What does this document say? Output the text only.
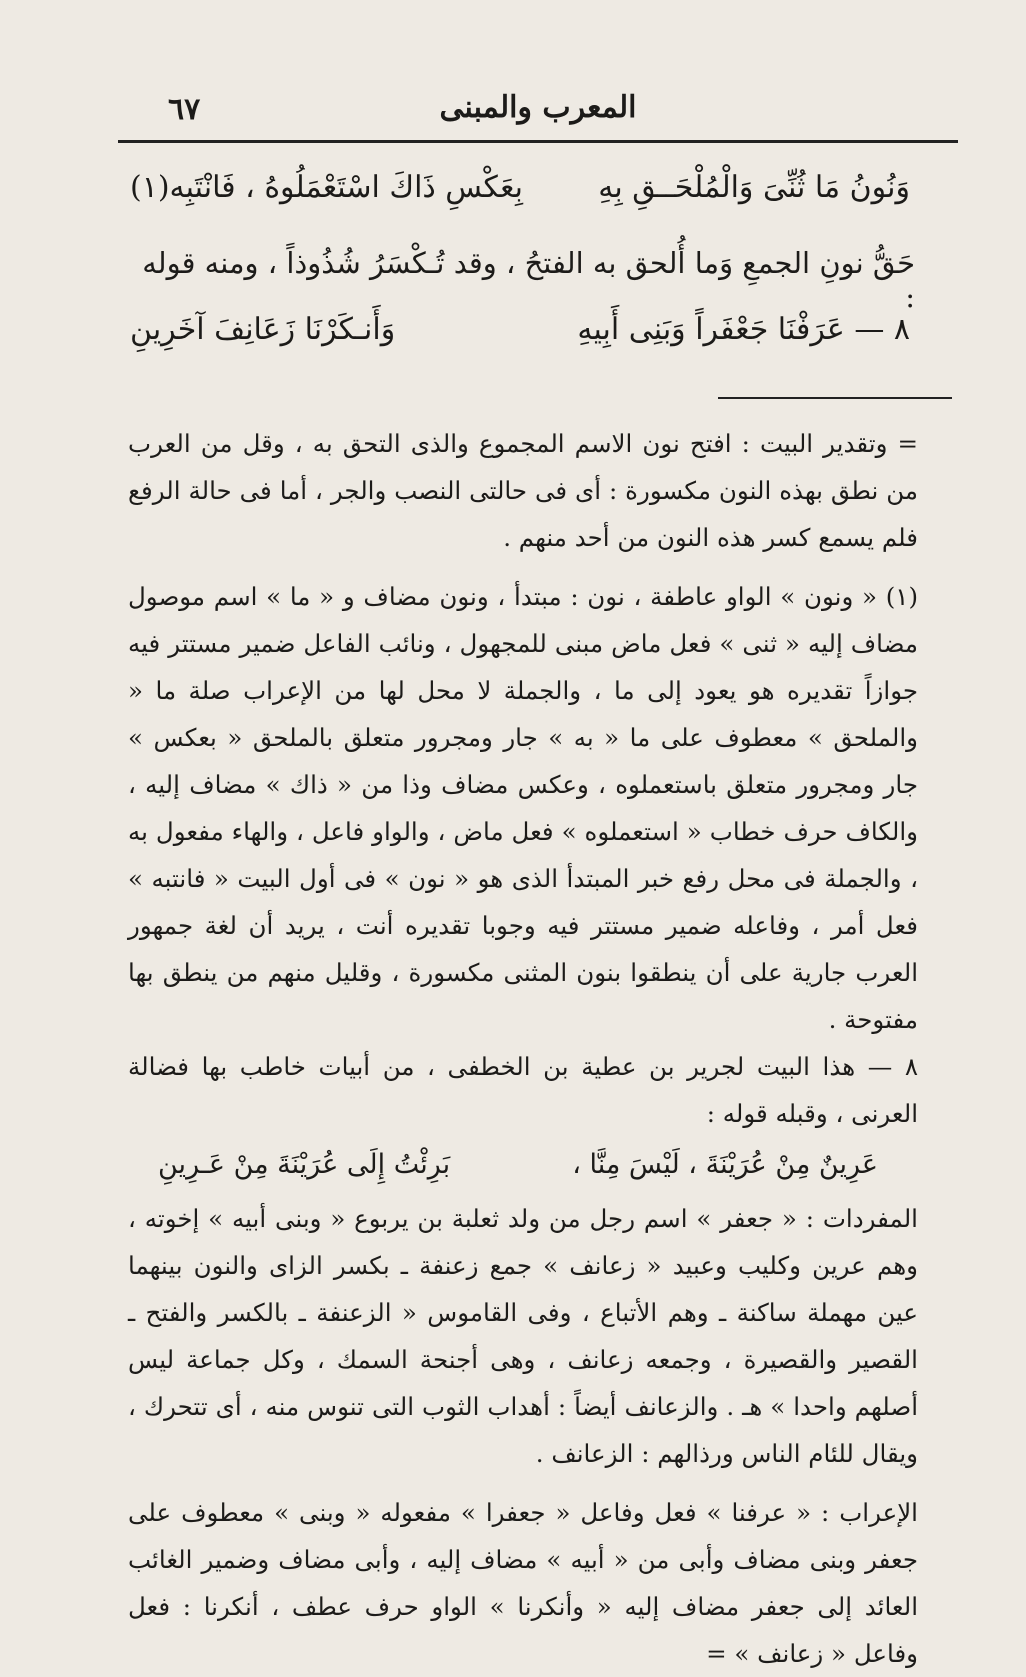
٦٧	المعرب والمبنى
وَنُونُ مَا ثُنِّىَ وَالْمُلْحَــقِ بِهِ
بِعَكْسِ ذَاكَ اسْتَعْمَلُوهُ ، فَانْتَبِه(١)
حَقُّ نونِ الجمعِ وَما أُلحق به الفتحُ ، وقد تُـكْسَرُ شُذُوذاً ، ومنه قوله :
٨ — عَرَفْنَا جَعْفَراً وَبَنِى أَبِيهِ
وَأَنـكَرْنَا زَعَانِفَ آخَرِينِ

= وتقدير البيت : افتح نون الاسم المجموع والذى التحق به ، وقل من العرب من نطق بهذه النون مكسورة : أى فى حالتى النصب والجر ، أما فى حالة الرفع فلم يسمع كسر هذه النون من أحد منهم .

(١) « ونون » الواو عاطفة ، نون : مبتدأ ، ونون مضاف و « ما » اسم موصول مضاف إليه « ثنى » فعل ماض مبنى للمجهول ، ونائب الفاعل ضمير مستتر فيه جوازاً تقديره هو يعود إلى ما ، والجملة لا محل لها من الإعراب صلة ما « والملحق » معطوف على ما « به » جار ومجرور متعلق بالملحق « بعكس » جار ومجرور متعلق باستعملوه ، وعكس مضاف وذا من « ذاك » مضاف إليه ، والكاف حرف خطاب « استعملوه » فعل ماض ، والواو فاعل ، والهاء مفعول به ، والجملة فى محل رفع خبر المبتدأ الذى هو « نون » فى أول البيت « فانتبه » فعل أمر ، وفاعله ضمير مستتر فيه وجوبا تقديره أنت ، يريد أن لغة جمهور العرب جارية على أن ينطقوا بنون المثنى مكسورة ، وقليل منهم من ينطق بها مفتوحة .

٨ — هذا البيت لجرير بن عطية بن الخطفى ، من أبيات خاطب بها فضالة العرنى ، وقبله قوله :

عَرِينٌ مِنْ عُرَيْنَةَ ، لَيْسَ مِنَّا ،
بَرِئْتُ إِلَى عُرَيْنَةَ مِنْ عَـرِينِ

المفردات : « جعفر » اسم رجل من ولد ثعلبة بن يربوع « وبنى أبيه » إخوته ، وهم عرين وكليب وعبيد « زعانف » جمع زعنفة ـ بكسر الزاى والنون بينهما عين مهملة ساكنة ـ وهم الأتباع ، وفى القاموس « الزعنفة ـ بالكسر والفتح ـ القصير والقصيرة ، وجمعه زعانف ، وهى أجنحة السمك ، وكل جماعة ليس أصلهم واحدا » هـ . والزعانف أيضاً : أهداب الثوب التى تنوس منه ، أى تتحرك ، ويقال للئام الناس ورذالهم : الزعانف .

الإعراب : « عرفنا » فعل وفاعل « جعفرا » مفعوله « وبنى » معطوف على جعفر وبنى مضاف وأبى من « أبيه » مضاف إليه ، وأبى مضاف وضمير الغائب العائد إلى جعفر مضاف إليه « وأنكرنا » الواو حرف عطف ، أنكرنا : فعل وفاعل « زعانف » =
